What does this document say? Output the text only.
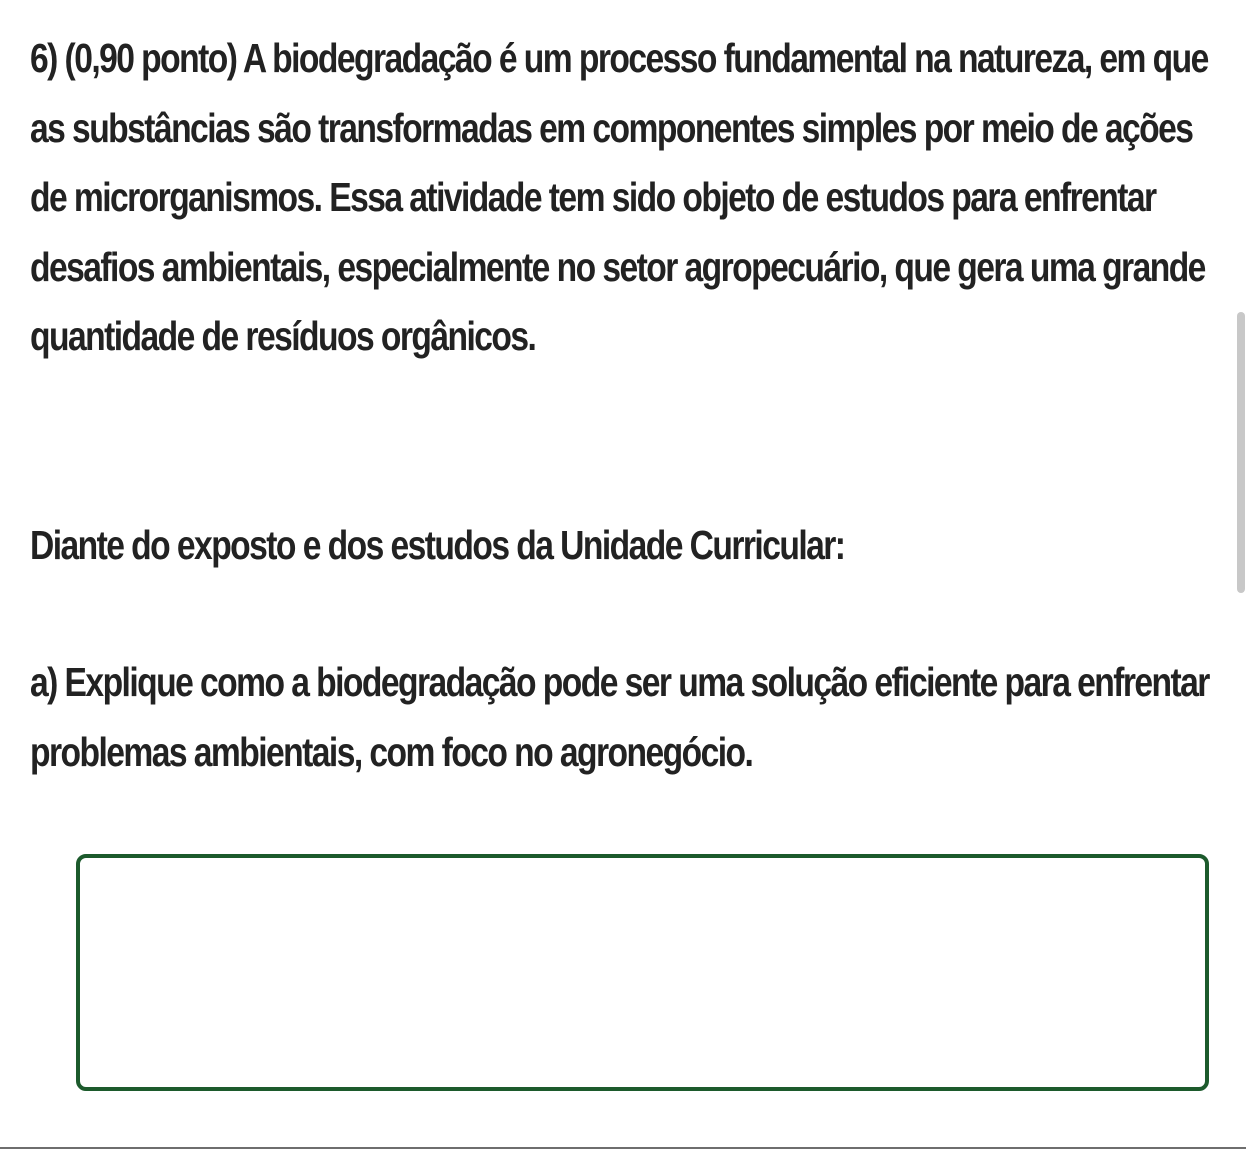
6) (0,90 ponto) A biodegradação é um processo fundamental na natureza, em que as substâncias são transformadas em componentes simples por meio de ações de microrganismos. Essa atividade tem sido objeto de estudos para enfrentar desafios ambientais, especialmente no setor agropecuário, que gera uma grande quantidade de resíduos orgânicos.

Diante do exposto e dos estudos da Unidade Curricular:

a) Explique como a biodegradação pode ser uma solução eficiente para enfrentar problemas ambientais, com foco no agronegócio.
